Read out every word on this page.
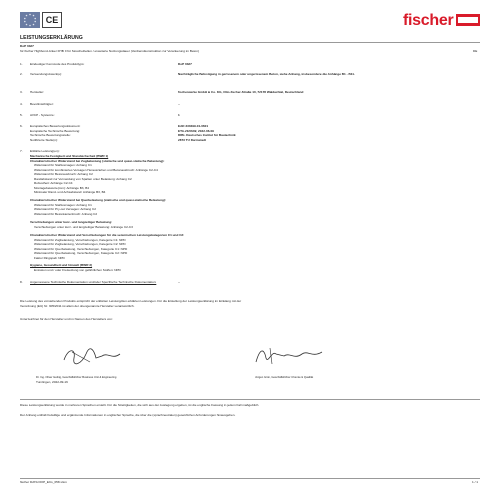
CE	fischer
LEISTUNGSERKLÄRUNG
DoP 0327
für fischer Highbond-Anker FHB II für Stoscheibellen / erweiterte Nutzungsdauer (Verdienstkonstruktion zur Verankerung im Beton)	DE
1. Eindeutiger Kenncode des Produkttyps:	DoP 0327
2. Verwendungszweck(e):	Nachträgliche Befestigung in gerissenem oder ungerissenem Beton, siehe Anhang, insbesondere die Anhänge B1 - B11.
3. Hersteller:	fischerwerke GmbH & Co. KG, Otto-fischer-Straße 10, 72178 Waldachtal, Deutschland
4. Bevollmächtigter:	--
5. AVCP - System/e:	1
6. Europäisches Bewertungsdokument:	EAD 330499-01-0601
Europäische Technische Bewertung:	ETA-21/0649; 2022-06-09
Technische Bewertungsstelle:	DIBt- Deutsches Institut für Bautechnik
Notifizierte Stelle(n):	2873 TU Darmstadt
7. Erklärte Leistung(en):
Mechanische Festigkeit und Standsicherheit (BWR 1)
Charakteristischer Widerstand bei Zugbelastung (statische und quasi-statische Belastung):
Widerstand für Stahlversagen: Anhang C1
Widerstand für kombiniertes Versagen Herausziehen und Betonausbruch: Anhänge C2-C4
Widerstand für Betonausbruch: Anhang C2
Randabstand zur Vermeidung von Spalten unter Belastung: Anhang C2
Robustheit: Anhänge C2-C4
Montagebeiwerte(mm): Anhänge B3, B4
Minimaler Rand- und Achsabstand: Anhänge B3, B4
Charakteristischer Widerstand bei Querbelastung (statische und quasi-statische Belastung):
Widerstand für Stahlversagen: Anhang C1
Widerstand für Pry-out Versagen: Anhang C2
Widerstand für Betonkantenbruch: Anhang C2
Verschiebungen unter kurz- und langzeitiger Belastung:
Verschiebungen unter kurz- und langzeitiger Belastung: Anhänge C2-C3
Charakteristischer Widerstand und Verschiebungen für die seismischen Leistungskategorien C1 und C2:
Widerstand für Zugbelastung, Verschiebungen, Kategorie C1: NPD
Widerstand für Zugbelastung, Verschiebungen, Kategorie C2: NPD
Widerstand für Querbelastung, Verschiebungen, Kategorie C1: NPD
Widerstand für Querbelastung, Verschiebungen, Kategorie C2: NPD
Faktor Ringspalt: NPD
Hygiene, Gesundheit und Umwelt (BWR 3)
Emission und / oder Freisetzung von gefährlichen Stoffen: NPD
8. Angemessene Technische Dokumentation und/oder Spezifische Technische Dokumentation:	--
Die Leistung des vorstehenden Produkts entspricht der erklärten Leistung/den erklärten Leistungen. Für die Erstellung der Leistungserklärung im Einklang mit der
Verordnung (EU) Nr. 305/2011 ist allein der obengenannte Hersteller verantwortlich.
Unterzeichnet für den Hersteller und im Namen des Herstellers von:
Dr. Ing. Oliver Geibig, Geschäftsführer Business Unit & Engineering
Tumlingen, 2022-09-16
Jürgen Grün, Geschäftsführer Chemie & Qualität
Diese Leistungserklärung wurde in mehreren Sprachen erstellt. Für die Streitigkeiten, die sich aus der Auslegung ergeben, ist die englische Fassung in jedem Fall maßgeblich.
Der Anhang enthält freiwillige und ergänzende Informationen in englischer Sprache, die über die (sprachneutralen) gesetzlichen Anforderungen hinausgehen.
fischer DATA DOP_ECs_058.xlsm	1 / 1
